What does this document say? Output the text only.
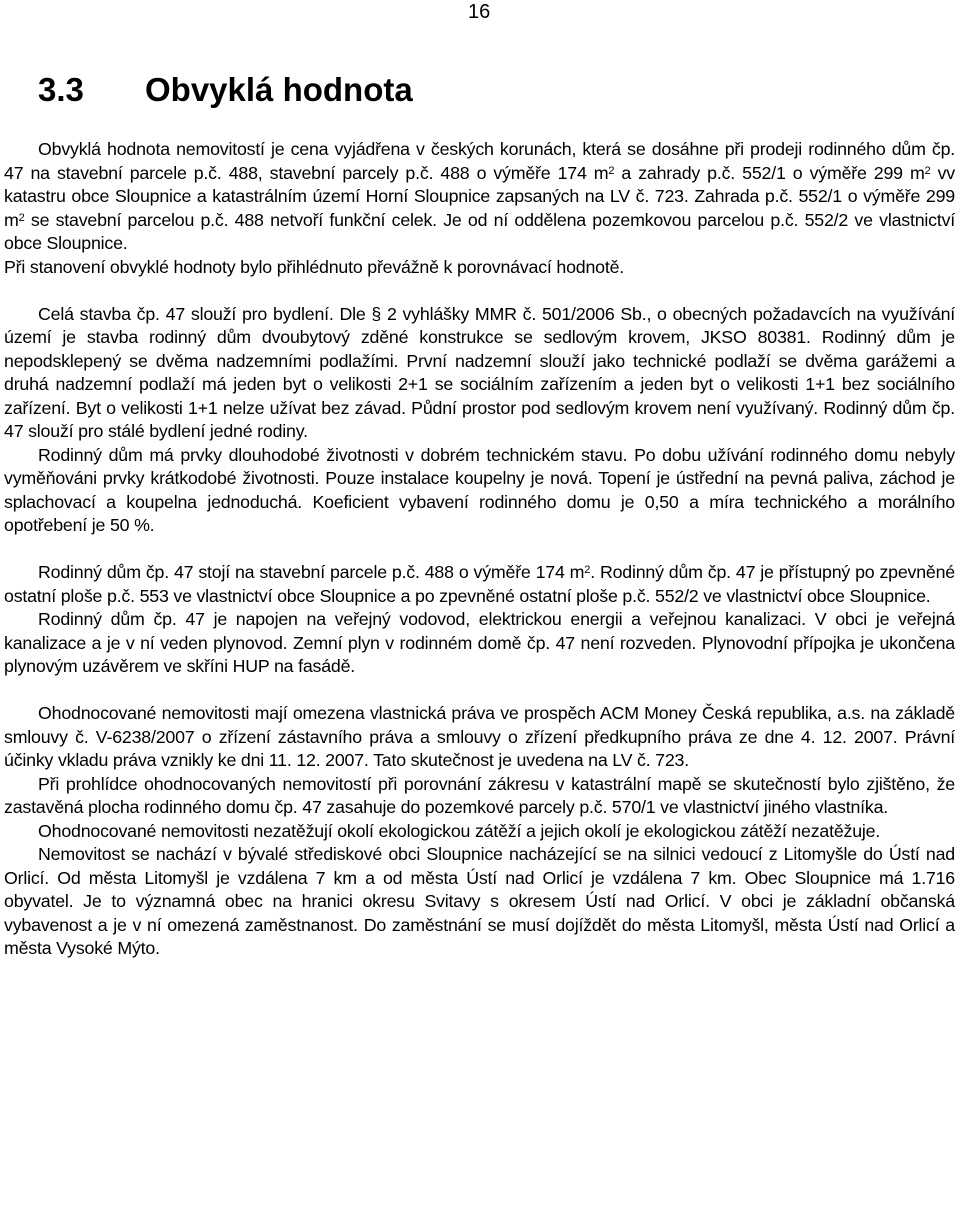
16
3.3 Obvyklá hodnota

Obvyklá hodnota nemovitostí je cena vyjádřena v českých korunách, která se dosáhne při prodeji rodinného dům čp. 47 na stavební parcele p.č. 488, stavební parcely p.č. 488 o výměře 174 $m^2$ a zahrady p.č. 552/1 o výměře 299 $m^2$ vv katastru obce Sloupnice a katastrálním území Horní Sloupnice zapsaných na LV č. 723. Zahrada p.č. 552/1 o výměře 299 $m^2$ se stavební parcelou p.č. 488 netvoří funkční celek. Je od ní oddělena pozemkovou parcelou p.č. 552/2 ve vlastnictví obce Sloupnice.

Při stanovení obvyklé hodnoty bylo přihlédnuto převážně k porovnávací hodnotě.

Celá stavba čp. 47 slouží pro bydlení. Dle § 2 vyhlášky MMR č. 501/2006 Sb., o obecných požadavcích na využívání území je stavba rodinný dům dvoubytový zděné konstrukce se sedlovým krovem, JKSO 80381. Rodinný dům je nepodsklepený se dvěma nadzemními podlažími. První nadzemní slouží jako technické podlaží se dvěma garážemi a druhá nadzemní podlaží má jeden byt o velikosti 2+1 se sociálním zařízením a jeden byt o velikosti 1+1 bez sociálního zařízení. Byt o velikosti 1+1 nelze užívat bez závad. Půdní prostor pod sedlovým krovem není využívaný. Rodinný dům čp. 47 slouží pro stálé bydlení jedné rodiny.

Rodinný dům má prvky dlouhodobé životnosti v dobrém technickém stavu. Po dobu užívání rodinného domu nebyly vyměňováni prvky krátkodobé životnosti. Pouze instalace koupelny je nová. Topení je ústřední na pevná paliva, záchod je splachovací a koupelna jednoduchá. Koeficient vybavení rodinného domu je 0,50 a míra technického a morálního opotřebení je 50 %.

Rodinný dům čp. 47 stojí na stavební parcele p.č. 488 o výměře 174 $m^2$. Rodinný dům čp. 47 je přístupný po zpevněné ostatní ploše p.č. 553 ve vlastnictví obce Sloupnice a po zpevněné ostatní ploše p.č. 552/2 ve vlastnictví obce Sloupnice.

Rodinný dům čp. 47 je napojen na veřejný vodovod, elektrickou energii a veřejnou kanalizaci. V obci je veřejná kanalizace a je v ní veden plynovod. Zemní plyn v rodinném domě čp. 47 není rozveden. Plynovodní přípojka je ukončena plynovým uzávěrem ve skříni HUP na fasádě.

Ohodnocované nemovitosti mají omezena vlastnická práva ve prospěch ACM Money Česká republika, a.s. na základě smlouvy č. V-6238/2007 o zřízení zástavního práva a smlouvy o zřízení předkupního práva ze dne 4. 12. 2007. Právní účinky vkladu práva vznikly ke dni 11. 12. 2007. Tato skutečnost je uvedena na LV č. 723.

Při prohlídce ohodnocovaných nemovitostí při porovnání zákresu v katastrální mapě se skutečností bylo zjištěno, že zastavěná plocha rodinného domu čp. 47 zasahuje do pozemkové parcely p.č. 570/1 ve vlastnictví jiného vlastníka.

Ohodnocované nemovitosti nezatěžují okolí ekologickou zátěží a jejich okolí je ekologickou zátěží nezatěžuje.

Nemovitost se nachází v bývalé střediskové obci Sloupnice nacházející se na silnici vedoucí z Litomyšle do Ústí nad Orlicí. Od města Litomyšl je vzdálena 7 km a od města Ústí nad Orlicí je vzdálena 7 km. Obec Sloupnice má 1.716 obyvatel. Je to významná obec na hranici okresu Svitavy s okresem Ústí nad Orlicí. V obci je základní občanská vybavenost a je v ní omezená zaměstnanost. Do zaměstnání se musí dojíždět do města Litomyšl, města Ústí nad Orlicí a města Vysoké Mýto.
